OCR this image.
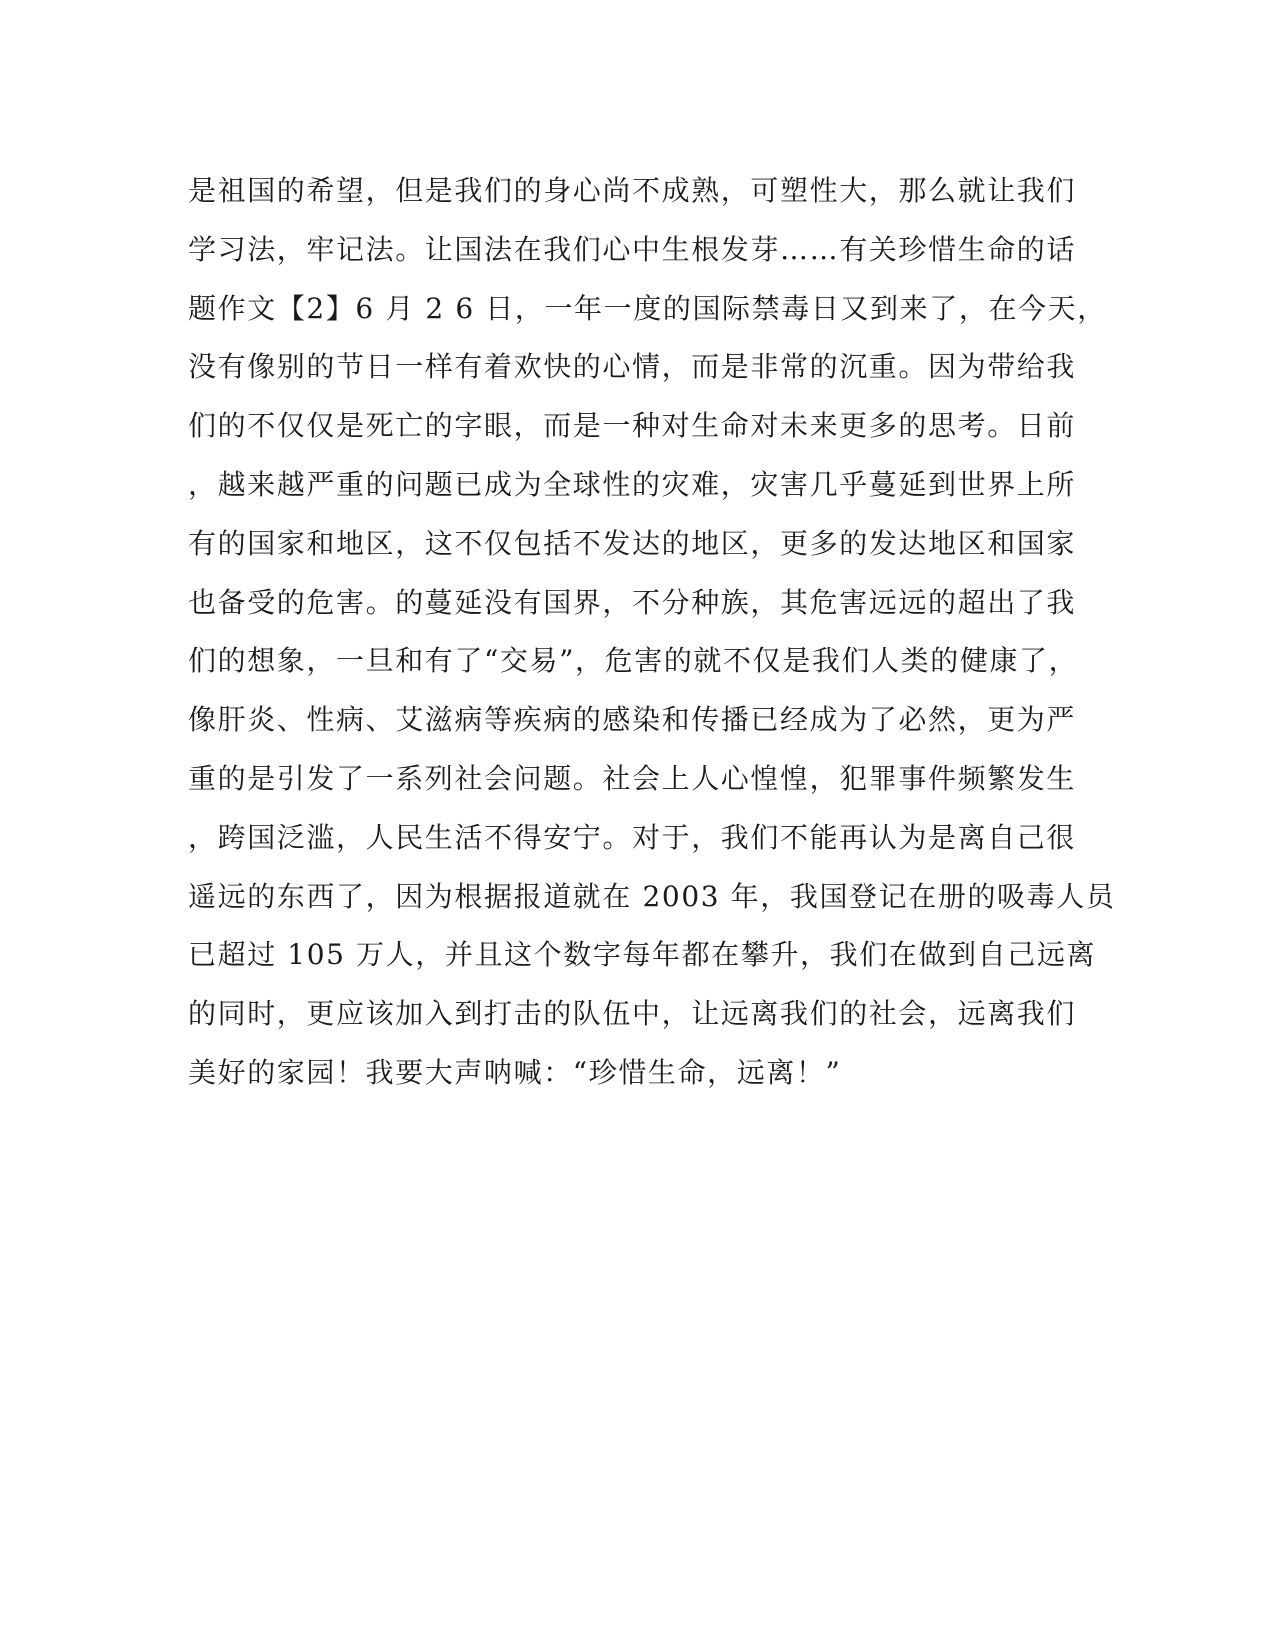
是祖国的希望，但是我们的身心尚不成熟，可塑性大，那么就让我们
学习法，牢记法。让国法在我们心中生根发芽……有关珍惜生命的话
题作文【2】6 月 2 6 日，一年一度的国际禁毒日又到来了，在今天，
没有像别的节日一样有着欢快的心情，而是非常的沉重。因为带给我
们的不仅仅是死亡的字眼，而是一种对生命对未来更多的思考。日前
，越来越严重的问题已成为全球性的灾难，灾害几乎蔓延到世界上所
有的国家和地区，这不仅包括不发达的地区，更多的发达地区和国家
也备受的危害。的蔓延没有国界，不分种族，其危害远远的超出了我
们的想象，一旦和有了“交易”，危害的就不仅是我们人类的健康了，
像肝炎、性病、艾滋病等疾病的感染和传播已经成为了必然，更为严
重的是引发了一系列社会问题。社会上人心惶惶，犯罪事件频繁发生
，跨国泛滥，人民生活不得安宁。对于，我们不能再认为是离自己很
遥远的东西了，因为根据报道就在 2003 年，我国登记在册的吸毒人员
已超过 105 万人，并且这个数字每年都在攀升，我们在做到自己远离
的同时，更应该加入到打击的队伍中，让远离我们的社会，远离我们
美好的家园！我要大声呐喊：“珍惜生命，远离！”
